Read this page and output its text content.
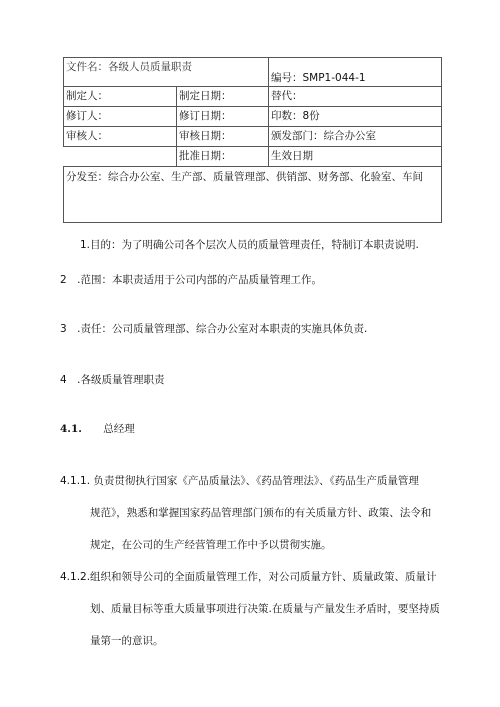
文件名：各级人员质量职责		编号：SMP1-044-1
制定人：	制定日期：	替代：
修订人：	修订日期：	印数：8份
审核人：	审核日期：	颁发部门：综合办公室
	批准日期：	生效日期
分发至：综合办公室、生产部、质量管理部、供销部、财务部、化验室、车间		
1.目的：为了明确公司各个层次人员的质量管理责任，特制订本职责说明.
2　.范围：本职责适用于公司内部的产品质量管理工作。
3　.责任：公司质量管理部、综合办公室对本职责的实施具体负责.
4　.各级质量管理职责
4.1. 总经理
4.1.1. 负责贯彻执行国家《产品质量法》、《药品管理法》、《药品生产质量管理
规范》，熟悉和掌握国家药品管理部门颁布的有关质量方针、政策、法令和
规定，在公司的生产经营管理工作中予以贯彻实施。
4.1.2.组织和领导公司的全面质量管理工作，对公司质量方针、质量政策、质量计
划、质量目标等重大质量事项进行决策.在质量与产量发生矛盾时，要坚持质
量第一的意识。
